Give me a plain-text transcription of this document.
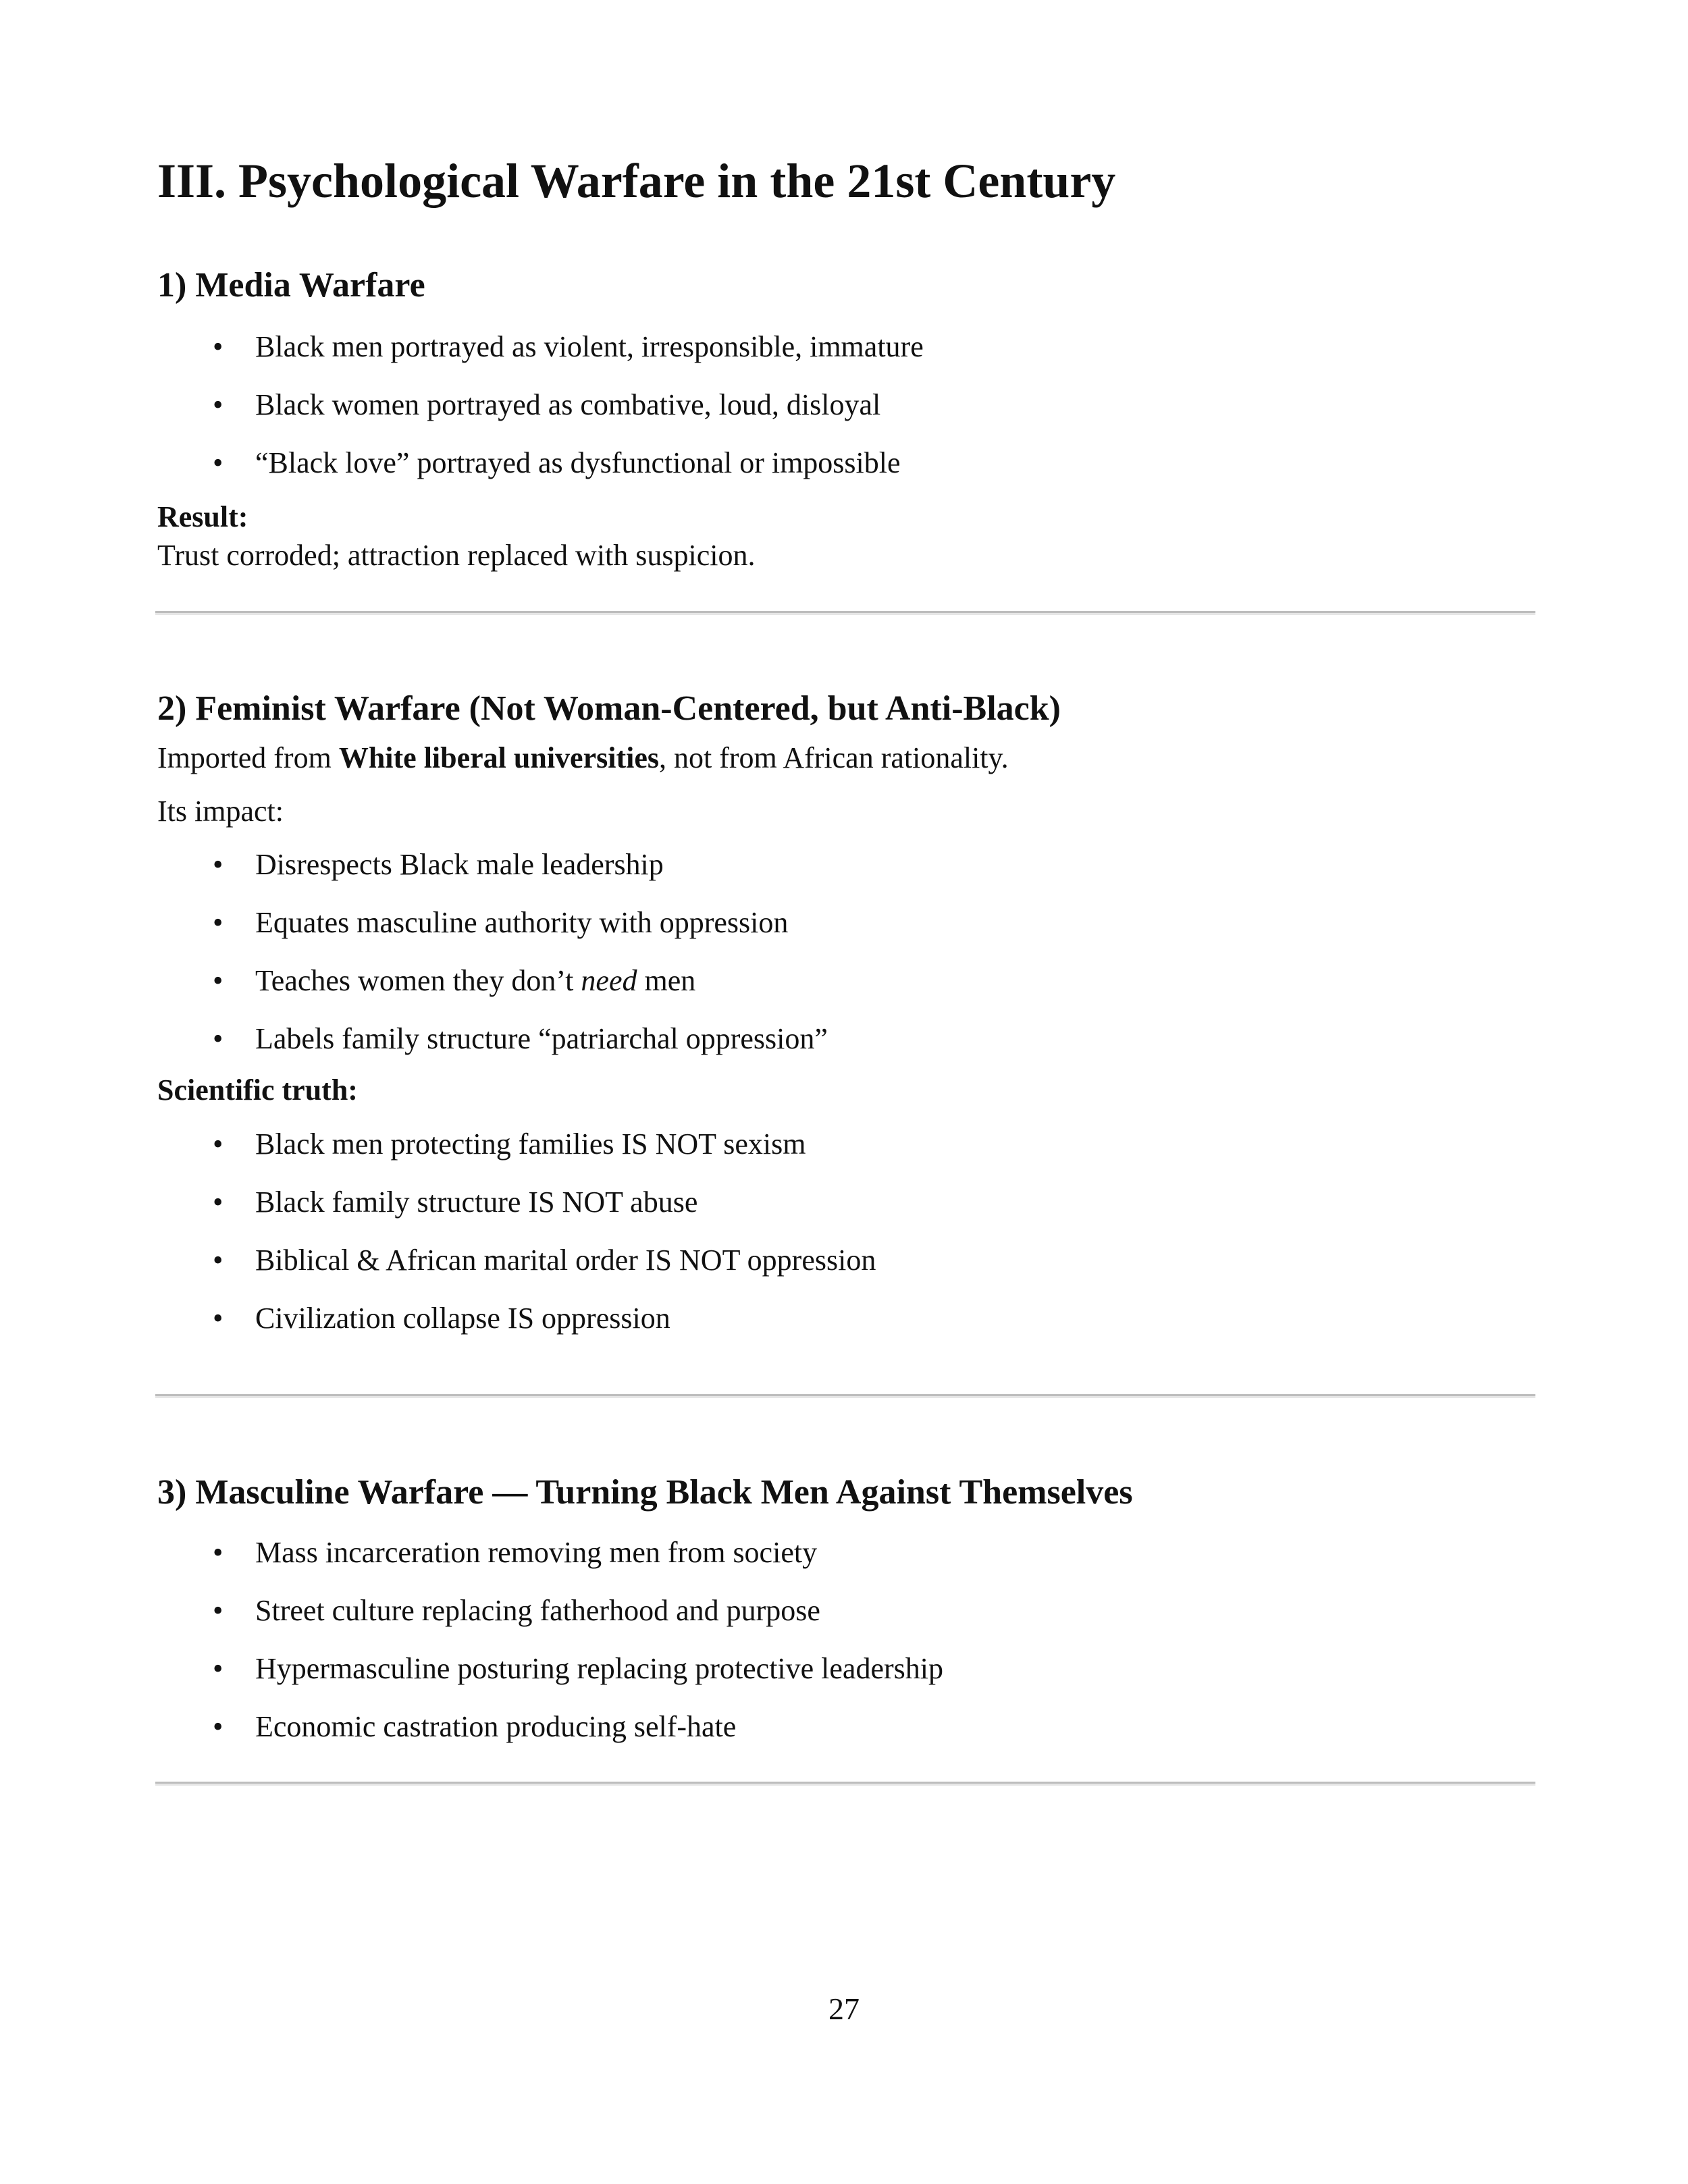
III. Psychological Warfare in the 21st Century
1) Media Warfare
• Black men portrayed as violent, irresponsible, immature
• Black women portrayed as combative, loud, disloyal
• “Black love” portrayed as dysfunctional or impossible

Result:

Trust corroded; attraction replaced with suspicion.

2) Feminist Warfare (Not Woman-Centered, but Anti-Black)

Imported from White liberal universities, not from African rationality.

Its impact:

• Disrespects Black male leadership
• Equates masculine authority with oppression
• Teaches women they don’t need men
• Labels family structure “patriarchal oppression”

Scientific truth:

• Black men protecting families IS NOT sexism
• Black family structure IS NOT abuse
• Biblical & African marital order IS NOT oppression
• Civilization collapse IS oppression
3) Masculine Warfare — Turning Black Men Against Themselves
• Mass incarceration removing men from society
• Street culture replacing fatherhood and purpose
• Hypermasculine posturing replacing protective leadership
• Economic castration producing self-hate
27
